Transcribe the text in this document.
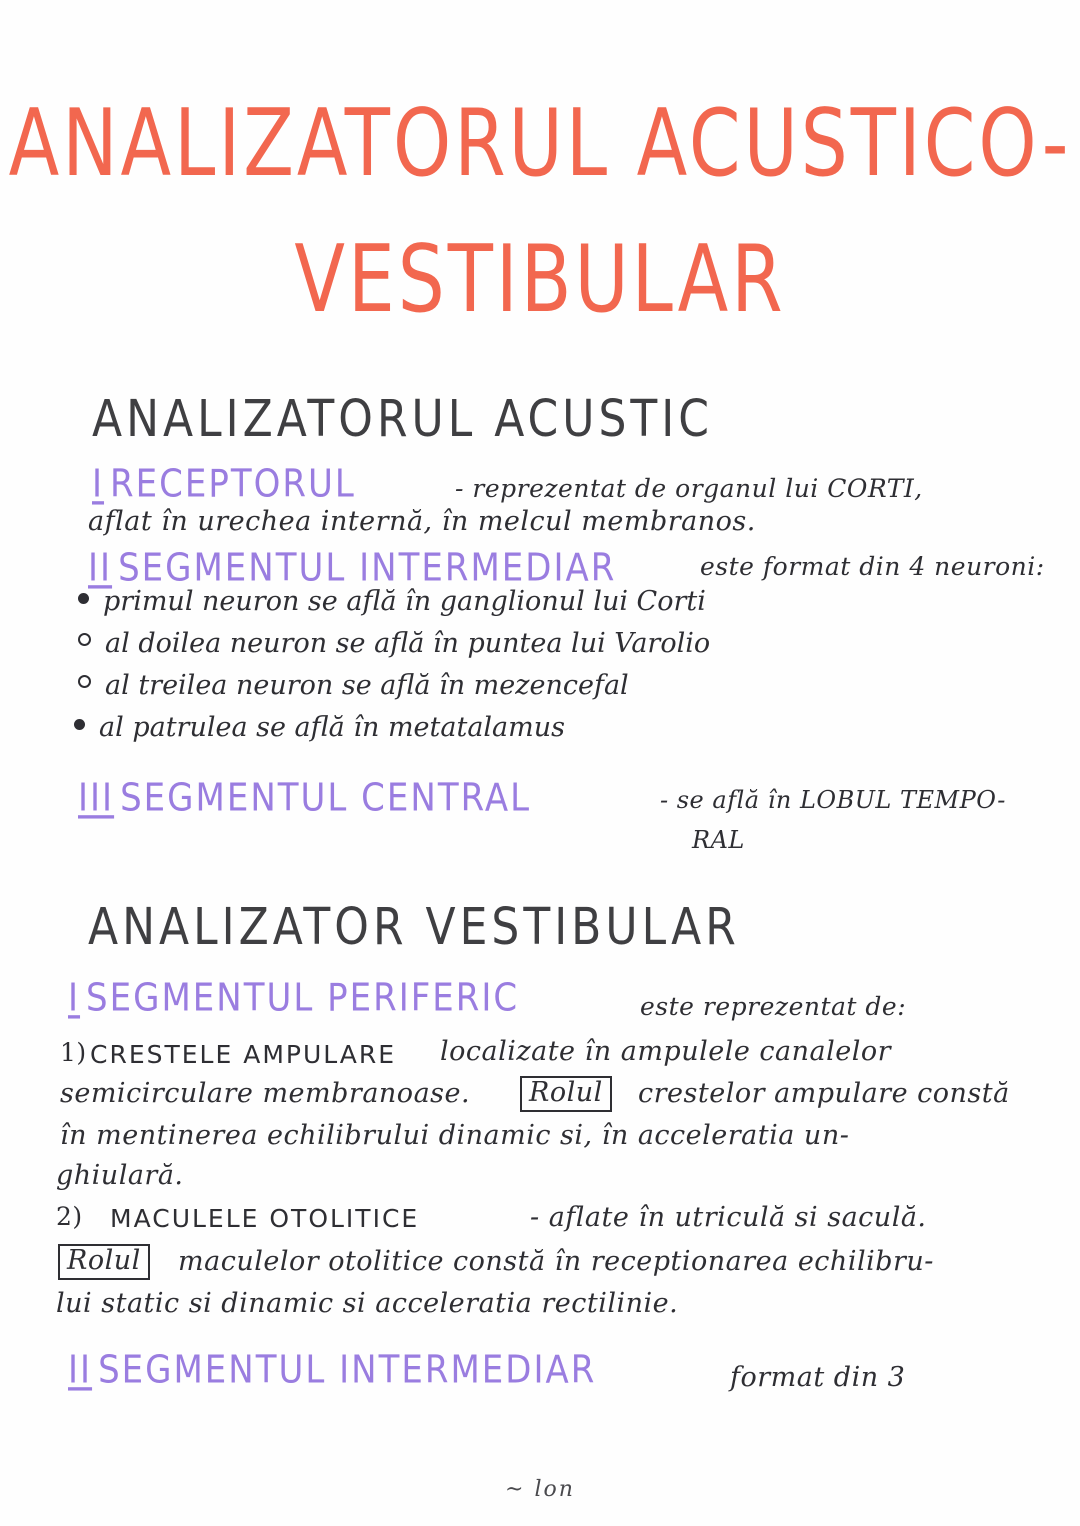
ANALIZATORUL ACUSTICO-
VESTIBULAR
ANALIZATORUL ACUSTIC
I RECEPTORUL	- reprezentat de organul lui CORTI,
aflat în urechea internă, în melcul membranos.
II SEGMENTUL INTERMEDIAR	este format din 4 neuroni:
primul neuron se află în ganglionul lui Corti
al doilea neuron se află în puntea lui Varolio
al treilea neuron se află în mezencefal
al patrulea se află în metatalamus
III SEGMENTUL CENTRAL	- se află în LOBUL TEMPO-
RAL
ANALIZATOR VESTIBULAR
I SEGMENTUL PERIFERIC	este reprezentat de:
1) CRESTELE AMPULARE localizate în ampulele canalelor
semicirculare membranoase.	Rolul	crestelor ampulare constă
în mentinerea echilibrului dinamic si, în acceleratia un-
ghiulară.
2) MACULELE OTOLITICE	- aflate în utriculă si saculă.
Rolul	maculelor otolitice constă în receptionarea echilibru-
lui static si dinamic si acceleratia rectilinie.
II SEGMENTUL INTERMEDIAR	format din 3
~ lon
